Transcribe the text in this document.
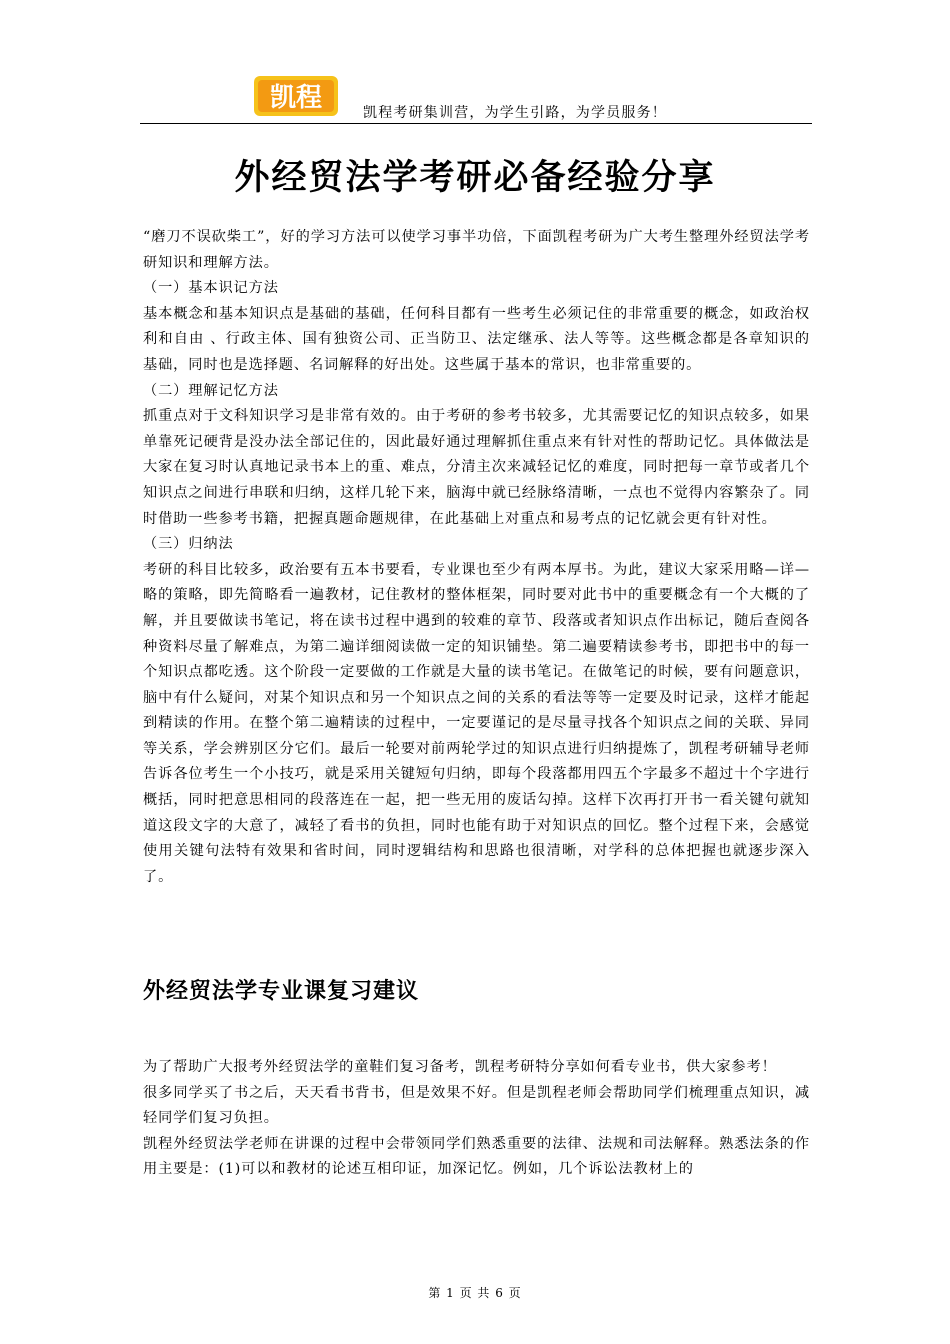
凯程	凯程考研集训营，为学生引路，为学员服务！
外经贸法学考研必备经验分享

“磨刀不误砍柴工”，好的学习方法可以使学习事半功倍，下面凯程考研为广大考生整理外经贸法学考研知识和理解方法。

（一）基本识记方法

基本概念和基本知识点是基础的基础，任何科目都有一些考生必须记住的非常重要的概念，如政治权利和自由 、行政主体、国有独资公司、正当防卫、法定继承、法人等等。这些概念都是各章知识的基础，同时也是选择题、名词解释的好出处。这些属于基本的常识，也非常重要的。

（二）理解记忆方法

抓重点对于文科知识学习是非常有效的。由于考研的参考书较多，尤其需要记忆的知识点较多，如果单靠死记硬背是没办法全部记住的，因此最好通过理解抓住重点来有针对性的帮助记忆。具体做法是大家在复习时认真地记录书本上的重、难点，分清主次来减轻记忆的难度，同时把每一章节或者几个知识点之间进行串联和归纳，这样几轮下来，脑海中就已经脉络清晰，一点也不觉得内容繁杂了。同时借助一些参考书籍，把握真题命题规律，在此基础上对重点和易考点的记忆就会更有针对性。

（三）归纳法

考研的科目比较多，政治要有五本书要看，专业课也至少有两本厚书。为此，建议大家采用略—详—略的策略，即先简略看一遍教材，记住教材的整体框架，同时要对此书中的重要概念有一个大概的了解，并且要做读书笔记，将在读书过程中遇到的较难的章节、段落或者知识点作出标记，随后查阅各种资料尽量了解难点，为第二遍详细阅读做一定的知识铺垫。第二遍要精读参考书，即把书中的每一个知识点都吃透。这个阶段一定要做的工作就是大量的读书笔记。在做笔记的时候，要有问题意识，脑中有什么疑问，对某个知识点和另一个知识点之间的关系的看法等等一定要及时记录，这样才能起到精读的作用。在整个第二遍精读的过程中，一定要谨记的是尽量寻找各个知识点之间的关联、异同等关系，学会辨别区分它们。最后一轮要对前两轮学过的知识点进行归纳提炼了，凯程考研辅导老师告诉各位考生一个小技巧，就是采用关键短句归纳，即每个段落都用四五个字最多不超过十个字进行概括，同时把意思相同的段落连在一起，把一些无用的废话勾掉。这样下次再打开书一看关键句就知道这段文字的大意了，减轻了看书的负担，同时也能有助于对知识点的回忆。整个过程下来，会感觉使用关键句法特有效果和省时间，同时逻辑结构和思路也很清晰，对学科的总体把握也就逐步深入了。

外经贸法学专业课复习建议

为了帮助广大报考外经贸法学的童鞋们复习备考，凯程考研特分享如何看专业书，供大家参考！

很多同学买了书之后，天天看书背书，但是效果不好。但是凯程老师会帮助同学们梳理重点知识，减轻同学们复习负担。

凯程外经贸法学老师在讲课的过程中会带领同学们熟悉重要的法律、法规和司法解释。熟悉法条的作用主要是：(1)可以和教材的论述互相印证，加深记忆。例如，几个诉讼法教材上的

第 1 页 共 6 页
